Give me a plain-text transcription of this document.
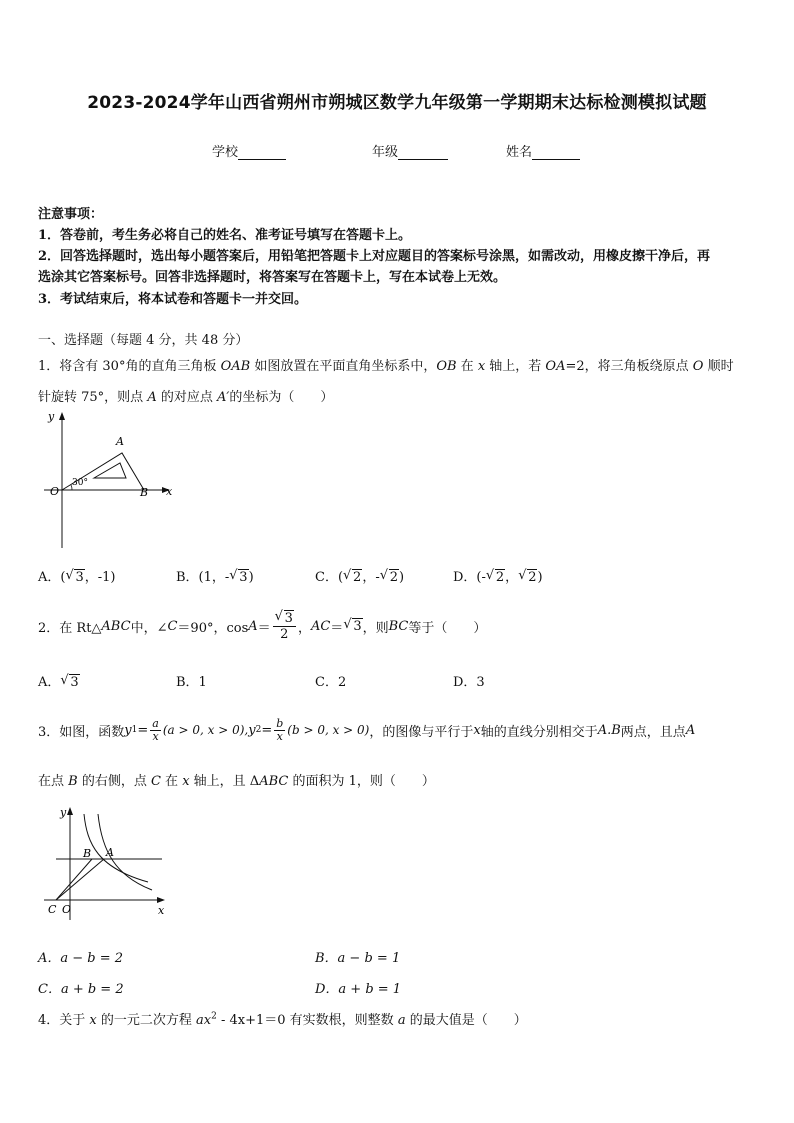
2023-2024学年山西省朔州市朔城区数学九年级第一学期期末达标检测模拟试题
学校	年级	姓名
注意事项：
1．答卷前，考生务必将自己的姓名、准考证号填写在答题卡上。
2．回答选择题时，选出每小题答案后，用铅笔把答题卡上对应题目的答案标号涂黑，如需改动，用橡皮擦干净后，再
选涂其它答案标号。回答非选择题时，将答案写在答题卡上，写在本试卷上无效。
3．考试结束后，将本试卷和答题卡一并交回。
一、选择题（每题 4 分，共 48 分）
1．将含有 30°角的直角三角板 OAB 如图放置在平面直角坐标系中，OB 在 x 轴上，若 OA=2，将三角板绕原点 O 顺时
针旋转 75°，则点 A 的对应点 A′的坐标为（　　）
y
x
O
A
B
30°
A．( √ 3，-1)	B．(1，- √ 3)	C．( √ 2，- √ 2)	D．(- √ 2， √ 2)
2．在 Rt△ ABC 中，∠ C ＝90°，cos A ＝ √ $\frac{3}{2}$ ， AC ＝ √ 3 ，则 BC 等于（　　）
A． √ 3	B．1	C．2	D．3
3．如图，函数 y $1 = \frac{a}{x} (a > 0$, x > 0), y $2 = \frac{b}{x} (b > 0$, x > 0) ，的图像与平行于 x 轴的直线分别相交于 A.B 两点，且点 A
在点 B 的右侧，点 C 在 x 轴上，且 ΔABC 的面积为 1，则（　　）
y
x
C O
B A
A．a − b = 2	B．a − b = 1
C．a + b = 2	D．a + b = 1
4．关于 x 的一元二次方程 $ax^2 - 4x+1=0$ 有实数根，则整数 a 的最大值是（　　）
